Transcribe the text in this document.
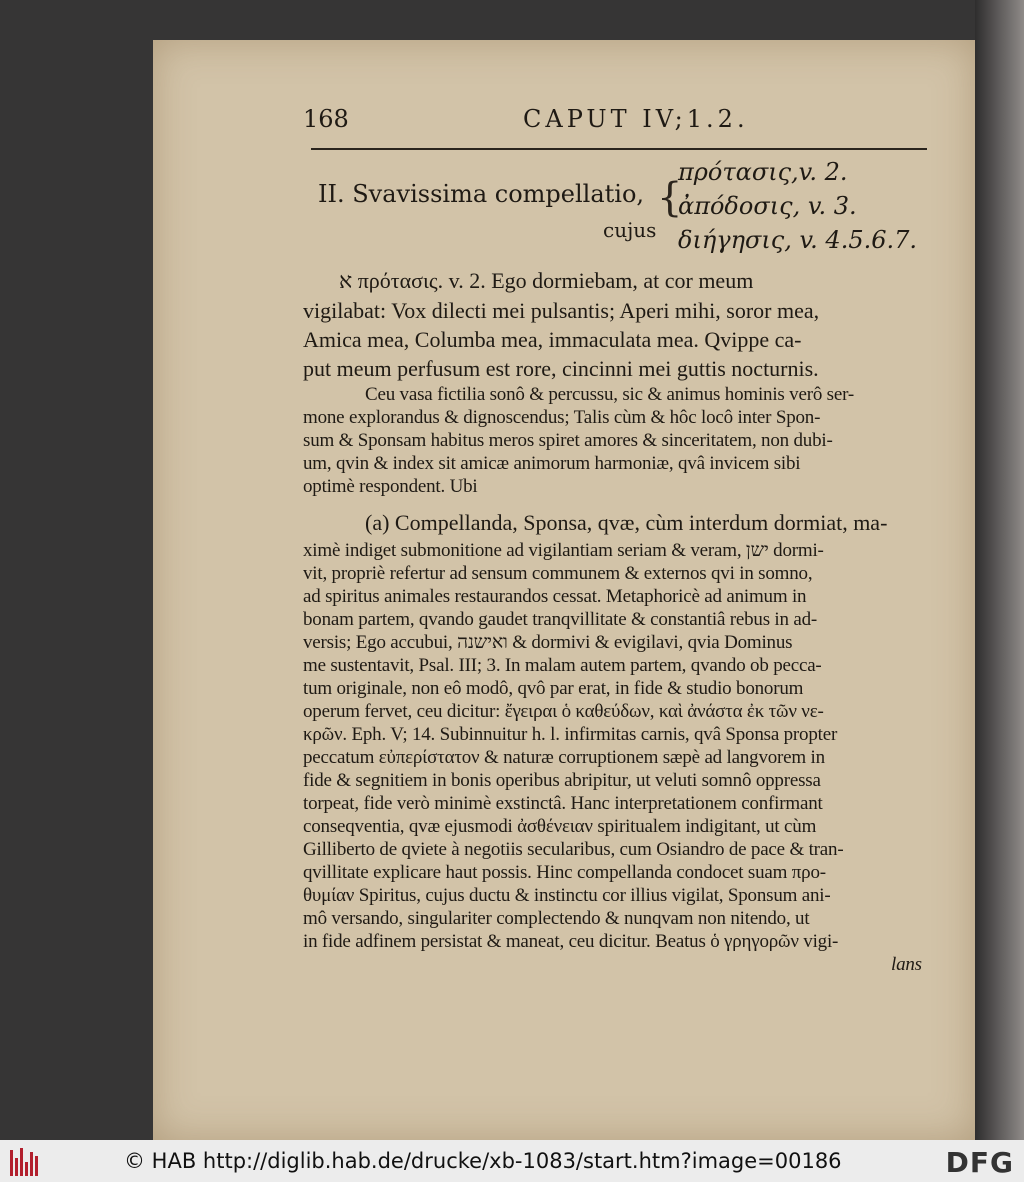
168	CAPUT IV;1.2.
II. Svavissima compellatio,
cujus
{
πρότασις,v. 2.
ἀπόδοσις, v. 3.
διήγησις, v. 4.5.6.7.
א πρότασις. v. 2. Ego dormiebam, at cor meum
vigilabat: Vox dilecti mei pulsantis; Aperi mihi, soror mea,
Amica mea, Columba mea, immaculata mea. Qvippe ca-
put meum perfusum est rore, cincinni mei guttis nocturnis.
Ceu vasa fictilia sonô & percussu, sic & animus hominis verô ser-
mone explorandus & dignoscendus; Talis cùm & hôc locô inter Spon-
sum & Sponsam habitus meros spiret amores & sinceritatem, non dubi-
um, qvin & index sit amicæ animorum harmoniæ, qvâ invicem sibi
optimè respondent. Ubi
(a) Compellanda, Sponsa, qvæ, cùm interdum dormiat, ma-
ximè indiget submonitione ad vigilantiam seriam & veram, ישן dormi-
vit, propriè refertur ad sensum communem & externos qvi in somno,
ad spiritus animales restaurandos cessat. Metaphoricè ad animum in
bonam partem, qvando gaudet tranqvillitate & constantiâ rebus in ad-
versis; Ego accubui, ואישנה & dormivi & evigilavi, qvia Dominus
me sustentavit, Psal. III; 3. In malam autem partem, qvando ob pecca-
tum originale, non eô modô, qvô par erat, in fide & studio bonorum
operum fervet, ceu dicitur: ἔγειραι ὁ καθεύδων, καὶ ἀνάστα ἐκ τῶν νε-
κρῶν. Eph. V; 14. Subinnuitur h. l. infirmitas carnis, qvâ Sponsa propter
peccatum εὐπερίστατον & naturæ corruptionem sæpè ad langvorem in
fide & segnitiem in bonis operibus abripitur, ut veluti somnô oppressa
torpeat, fide verò minimè exstinctâ. Hanc interpretationem confirmant
conseqventia, qvæ ejusmodi ἀσθένειαν spiritualem indigitant, ut cùm
Gilliberto de qviete à negotiis secularibus, cum Osiandro de pace & tran-
qvillitate explicare haut possis. Hinc compellanda condocet suam προ-
θυμίαν Spiritus, cujus ductu & instinctu cor illius vigilat, Sponsum ani-
mô versando, singulariter complectendo & nunqvam non nitendo, ut
in fide adfinem persistat & maneat, ceu dicitur. Beatus ὁ γρηγορῶν vigi-
lans
© HAB http://diglib.hab.de/drucke/xb-1083/start.htm?image=00186	DFG
